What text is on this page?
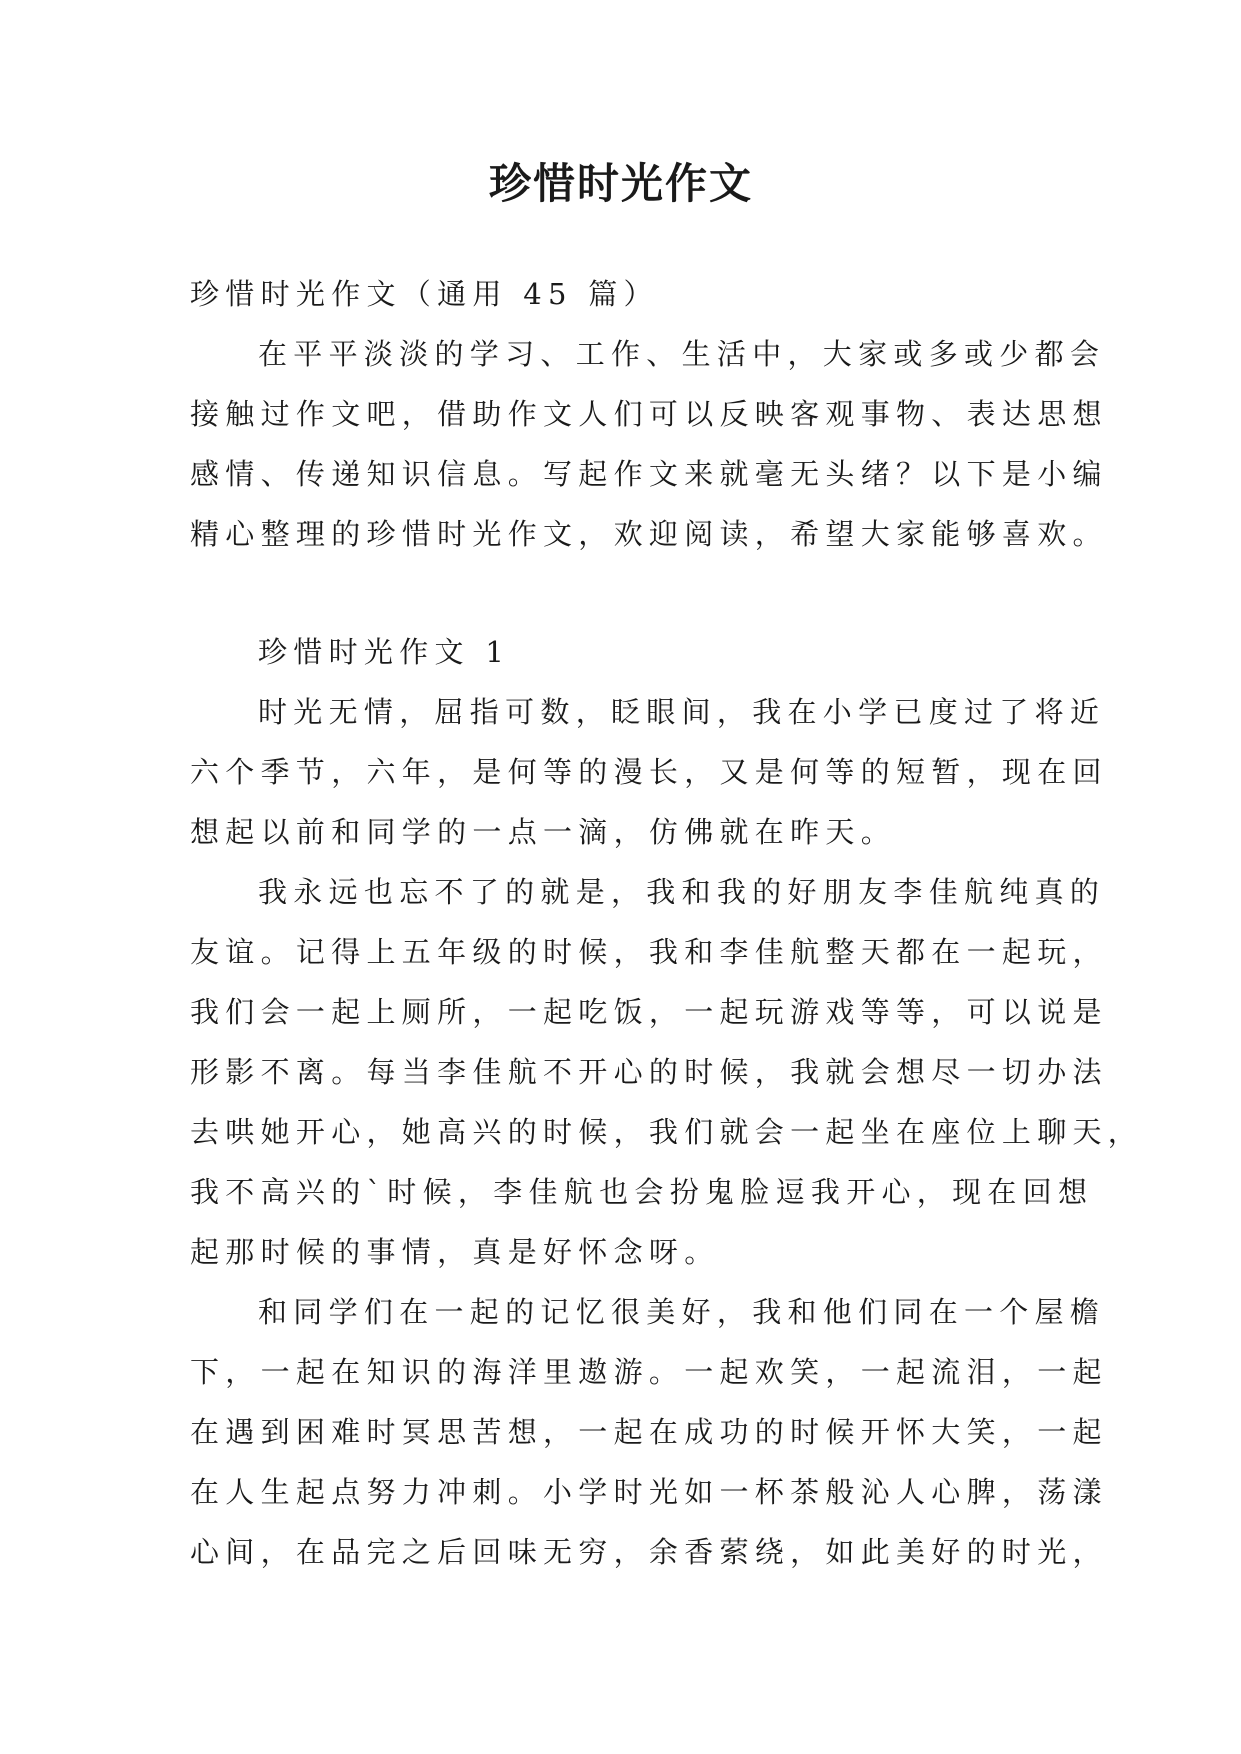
珍惜时光作文

珍惜时光作文（通用 45 篇）

在平平淡淡的学习、工作、生活中，大家或多或少都会

接触过作文吧，借助作文人们可以反映客观事物、表达思想

感情、传递知识信息。写起作文来就毫无头绪？以下是小编

精心整理的珍惜时光作文，欢迎阅读，希望大家能够喜欢。

珍惜时光作文 1

时光无情，屈指可数，眨眼间，我在小学已度过了将近

六个季节，六年，是何等的漫长，又是何等的短暂，现在回

想起以前和同学的一点一滴，仿佛就在昨天。

我永远也忘不了的就是，我和我的好朋友李佳航纯真的

友谊。记得上五年级的时候，我和李佳航整天都在一起玩，

我们会一起上厕所，一起吃饭，一起玩游戏等等，可以说是

形影不离。每当李佳航不开心的时候，我就会想尽一切办法

去哄她开心，她高兴的时候，我们就会一起坐在座位上聊天，

我不高兴的`时候，李佳航也会扮鬼脸逗我开心，现在回想

起那时候的事情，真是好怀念呀。

和同学们在一起的记忆很美好，我和他们同在一个屋檐

下，一起在知识的海洋里遨游。一起欢笑，一起流泪，一起

在遇到困难时冥思苦想，一起在成功的时候开怀大笑，一起

在人生起点努力冲刺。小学时光如一杯茶般沁人心脾，荡漾

心间，在品完之后回味无穷，余香萦绕，如此美好的时光，
